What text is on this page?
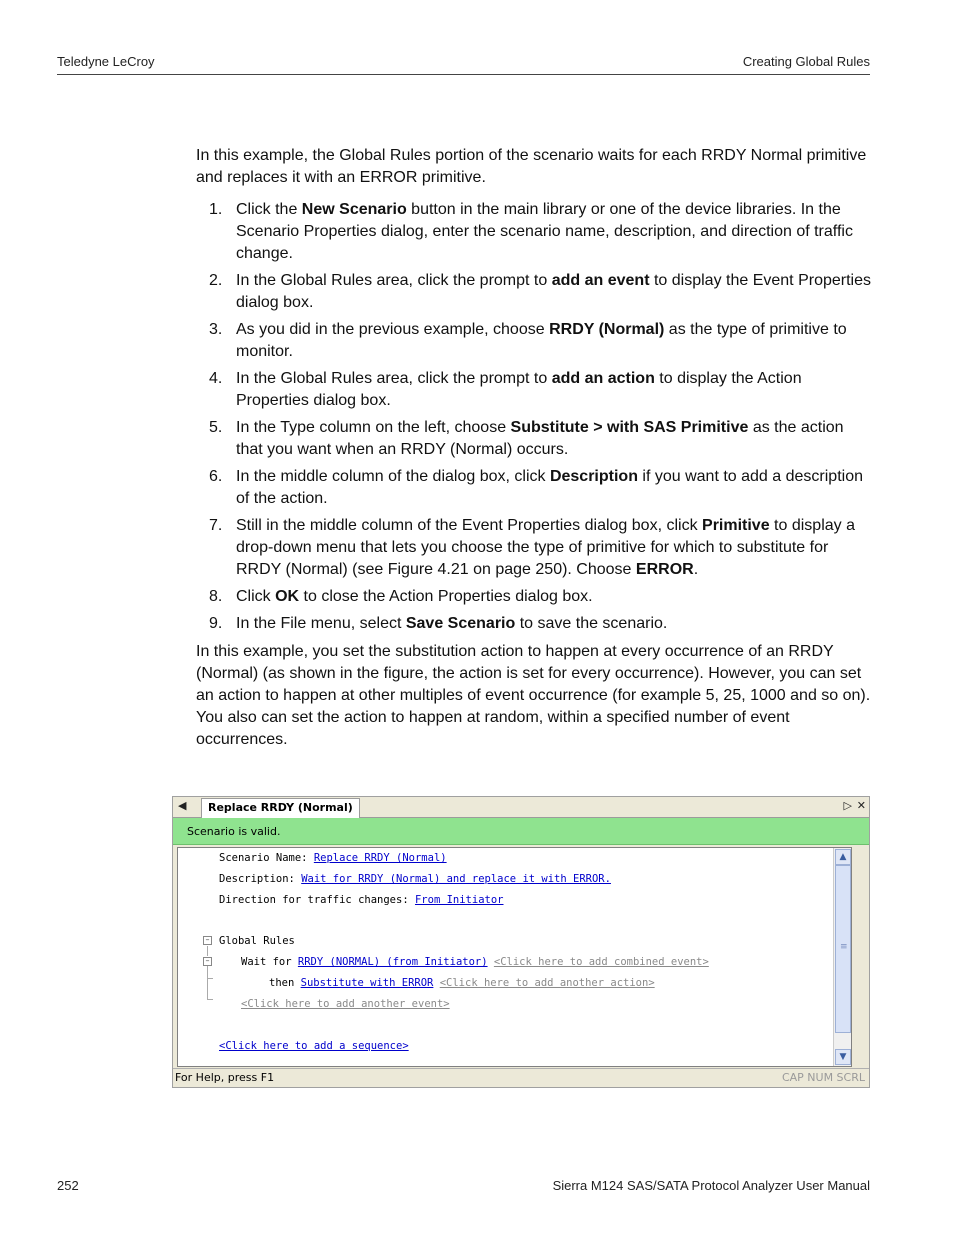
Teledyne LeCroy	Creating Global Rules

In this example, the Global Rules portion of the scenario waits for each RRDY Normal primitive and replaces it with an ERROR primitive.

1. Click the New Scenario button in the main library or one of the device libraries. In the Scenario Properties dialog, enter the scenario name, description, and direction of traffic change.
2. In the Global Rules area, click the prompt to add an event to display the Event Properties dialog box.
3. As you did in the previous example, choose RRDY (Normal) as the type of primitive to monitor.
4. In the Global Rules area, click the prompt to add an action to display the Action Properties dialog box.
5. In the Type column on the left, choose Substitute > with SAS Primitive as the action that you want when an RRDY (Normal) occurs.
6. In the middle column of the dialog box, click Description if you want to add a description of the action.
7. Still in the middle column of the Event Properties dialog box, click Primitive to display a drop-down menu that lets you choose the type of primitive for which to substitute for RRDY (Normal) (see Figure 4.21 on page 250). Choose ERROR.
8. Click OK to close the Action Properties dialog box.
9. In the File menu, select Save Scenario to save the scenario.

In this example, you set the substitution action to happen at every occurrence of an RRDY (Normal) (as shown in the figure, the action is set for every occurrence). However, you can set an action to happen at other multiples of event occurrence (for example 5, 25, 1000 and so on). You also can set the action to happen at random, within a specified number of event occurrences.

◀	Replace RRDY (Normal)	▷ ✕
Scenario is valid.
Scenario Name: Replace RRDY (Normal)
Description: Wait for RRDY (Normal) and replace it with ERROR.
Direction for traffic changes: From Initiator
– Global Rules
–	Wait for RRDY (NORMAL) (from Initiator) <Click here to add combined event>
then Substitute with ERROR <Click here to add another action>
<Click here to add another event>
<Click here to add a sequence>
▲
≡
▼
For Help, press F1	CAP NUM SCRL
252	Sierra M124 SAS/SATA Protocol Analyzer User Manual
